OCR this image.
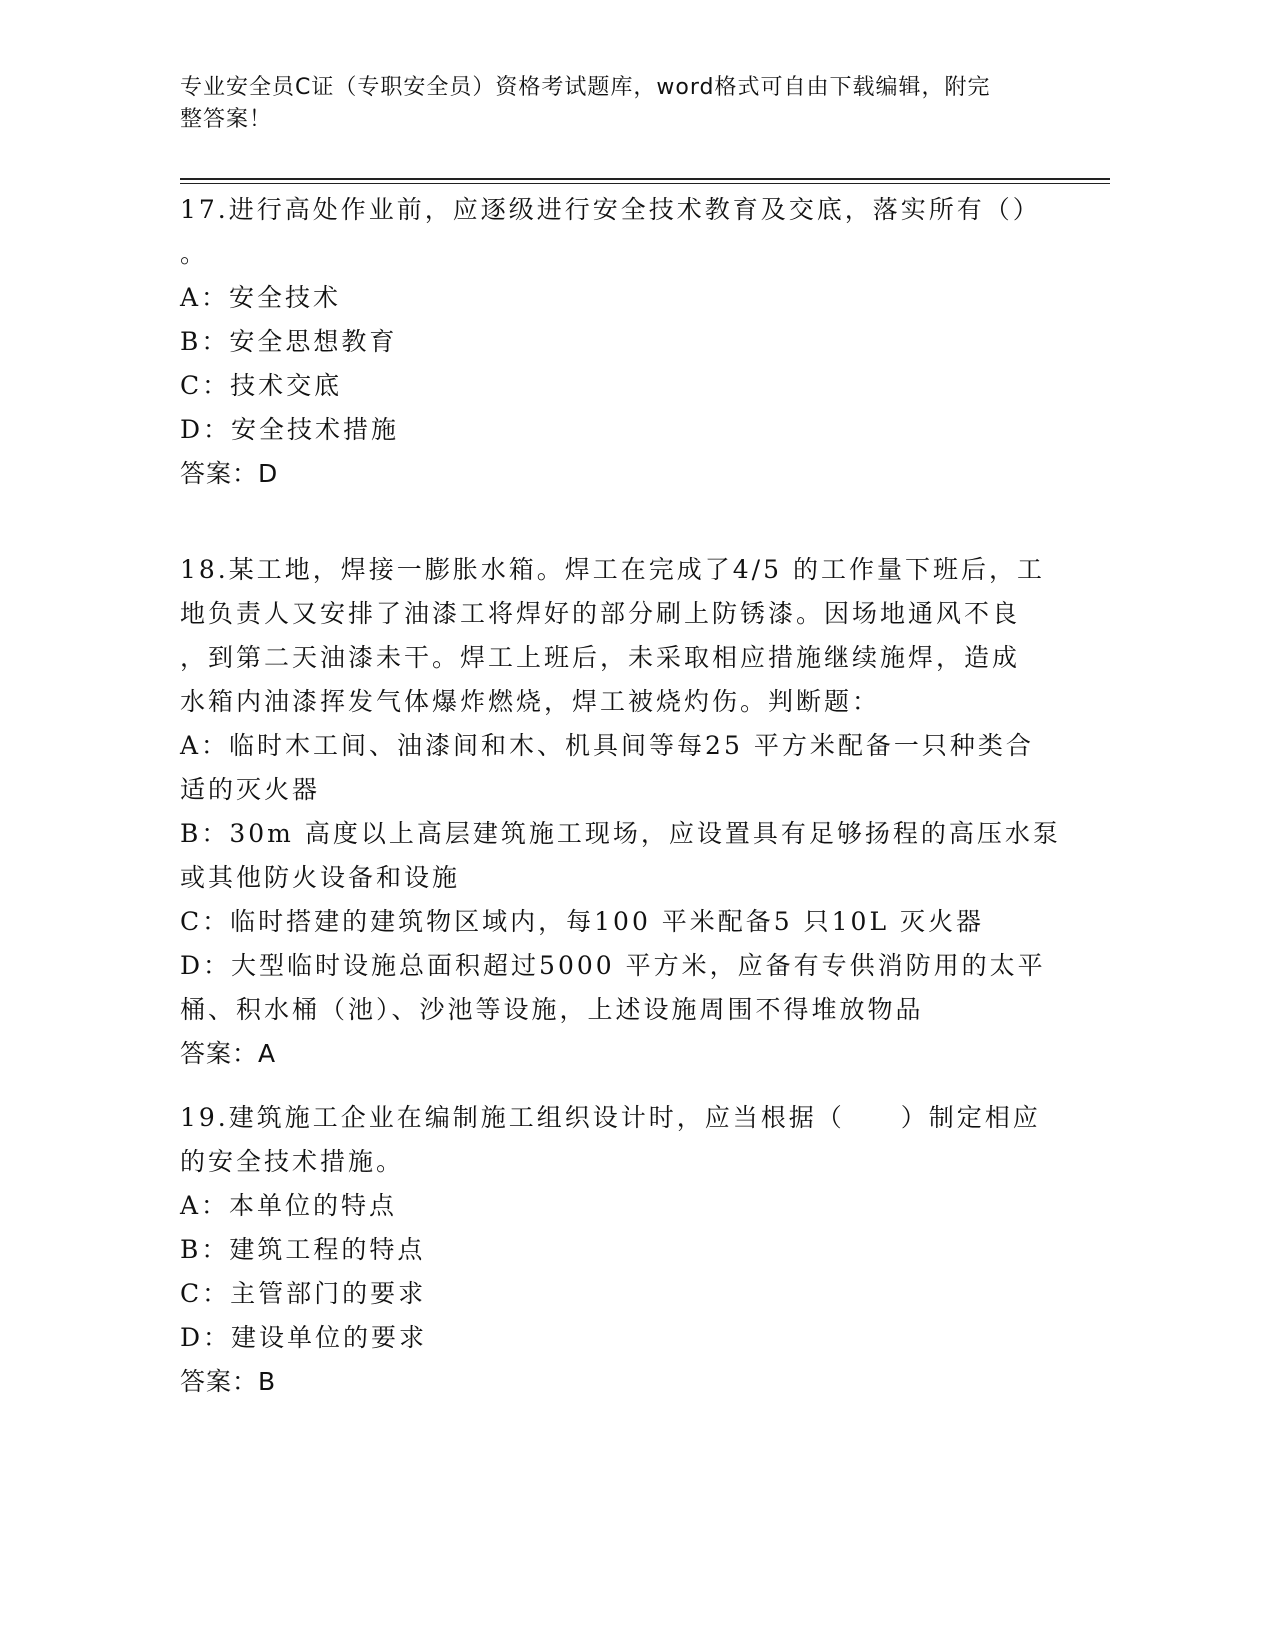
专业安全员C证（专职安全员）资格考试题库，word格式可自由下载编辑，附完
整答案！
17.进行高处作业前，应逐级进行安全技术教育及交底，落实所有（）
。
A：安全技术
B：安全思想教育
C：技术交底
D：安全技术措施
答案：D
18.某工地，焊接一膨胀水箱。焊工在完成了4/5 的工作量下班后，工
地负责人又安排了油漆工将焊好的部分刷上防锈漆。因场地通风不良
，到第二天油漆未干。焊工上班后，未采取相应措施继续施焊，造成
水箱内油漆挥发气体爆炸燃烧，焊工被烧灼伤。判断题：
A：临时木工间、油漆间和木、机具间等每25 平方米配备一只种类合
适的灭火器
B：30m 高度以上高层建筑施工现场，应设置具有足够扬程的高压水泵
或其他防火设备和设施
C：临时搭建的建筑物区域内，每100 平米配备5 只10L 灭火器
D：大型临时设施总面积超过5000 平方米，应备有专供消防用的太平
桶、积水桶（池）、沙池等设施，上述设施周围不得堆放物品
答案：A
19.建筑施工企业在编制施工组织设计时，应当根据（　　）制定相应
的安全技术措施。
A：本单位的特点
B：建筑工程的特点
C：主管部门的要求
D：建设单位的要求
答案：B
